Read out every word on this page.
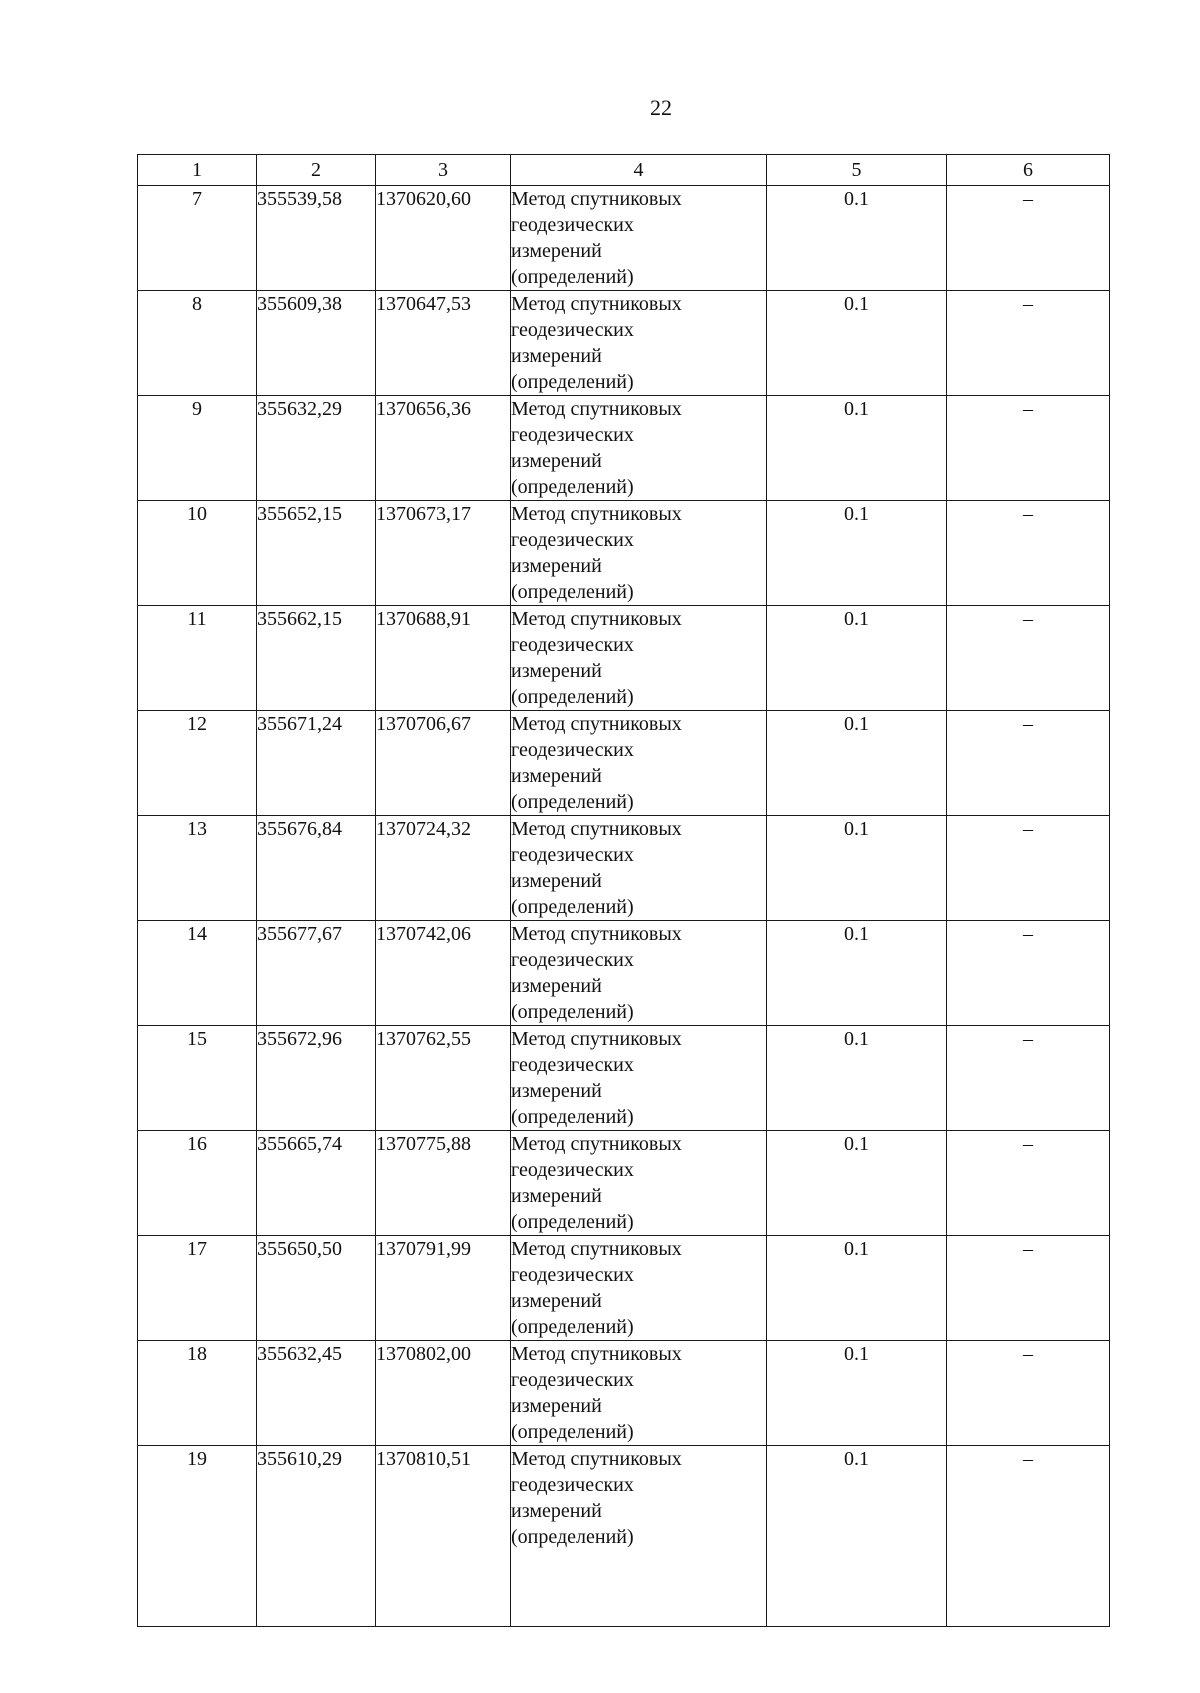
22
1	2	3	4	5	6
7	355539,58	1370620,60	Метод спутниковых
геодезических
измерений
(определений)	0.1	–
8	355609,38	1370647,53	Метод спутниковых
геодезических
измерений
(определений)	0.1	–
9	355632,29	1370656,36	Метод спутниковых
геодезических
измерений
(определений)	0.1	–
10	355652,15	1370673,17	Метод спутниковых
геодезических
измерений
(определений)	0.1	–
11	355662,15	1370688,91	Метод спутниковых
геодезических
измерений
(определений)	0.1	–
12	355671,24	1370706,67	Метод спутниковых
геодезических
измерений
(определений)	0.1	–
13	355676,84	1370724,32	Метод спутниковых
геодезических
измерений
(определений)	0.1	–
14	355677,67	1370742,06	Метод спутниковых
геодезических
измерений
(определений)	0.1	–
15	355672,96	1370762,55	Метод спутниковых
геодезических
измерений
(определений)	0.1	–
16	355665,74	1370775,88	Метод спутниковых
геодезических
измерений
(определений)	0.1	–
17	355650,50	1370791,99	Метод спутниковых
геодезических
измерений
(определений)	0.1	–
18	355632,45	1370802,00	Метод спутниковых
геодезических
измерений
(определений)	0.1	–
19	355610,29	1370810,51	Метод спутниковых
геодезических
измерений
(определений)	0.1	–
